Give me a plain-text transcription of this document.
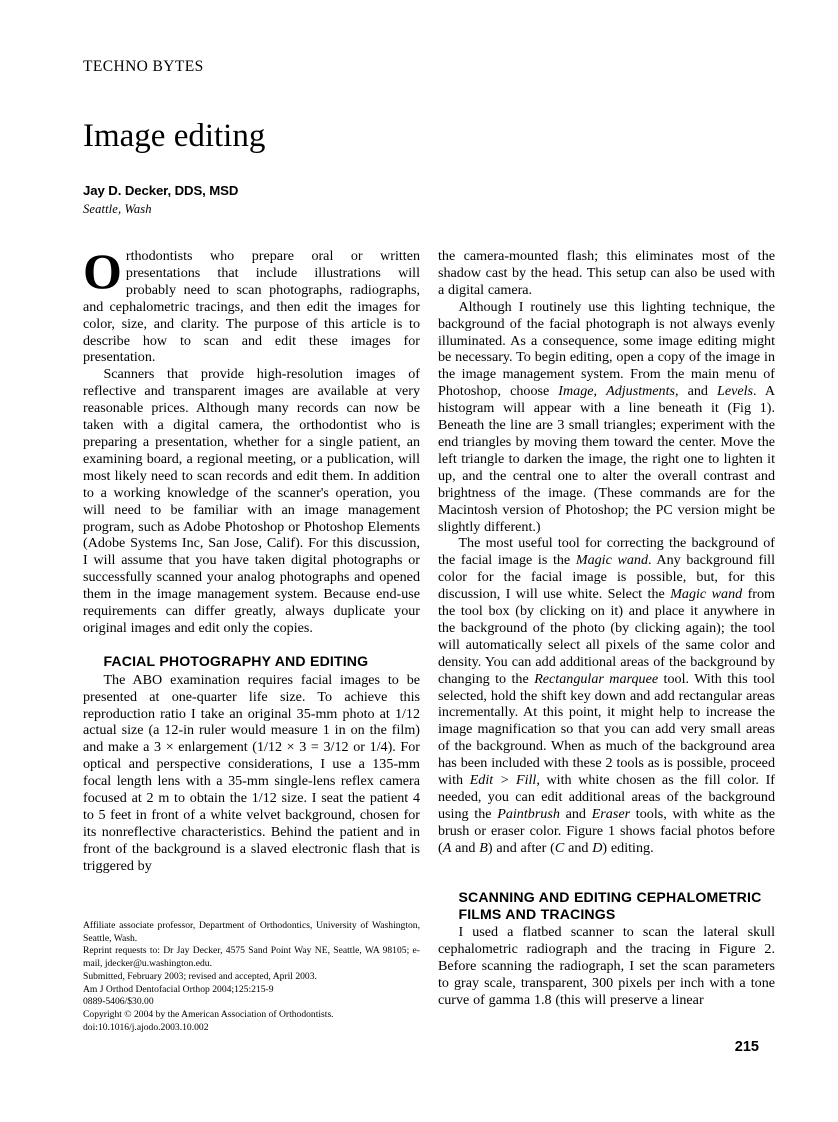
TECHNO BYTES
Image editing
Jay D. Decker, DDS, MSD
Seattle, Wash

Orthodontists who prepare oral or written presentations that include illustrations will probably need to scan photographs, radiographs, and cephalometric tracings, and then edit the images for color, size, and clarity. The purpose of this article is to describe how to scan and edit these images for presentation.

Scanners that provide high-resolution images of reflective and transparent images are available at very reasonable prices. Although many records can now be taken with a digital camera, the orthodontist who is preparing a presentation, whether for a single patient, an examining board, a regional meeting, or a publication, will most likely need to scan records and edit them. In addition to a working knowledge of the scanner's operation, you will need to be familiar with an image management program, such as Adobe Photoshop or Photoshop Elements (Adobe Systems Inc, San Jose, Calif). For this discussion, I will assume that you have taken digital photographs or successfully scanned your analog photographs and opened them in the image management system. Because end-use requirements can differ greatly, always duplicate your original images and edit only the copies.

FACIAL PHOTOGRAPHY AND EDITING

The ABO examination requires facial images to be presented at one-quarter life size. To achieve this reproduction ratio I take an original 35-mm photo at 1/12 actual size (a 12-in ruler would measure 1 in on the film) and make a 3 × enlargement (1/12 × 3 = 3/12 or 1/4). For optical and perspective considerations, I use a 135-mm focal length lens with a 35-mm single-lens reflex camera focused at 2 m to obtain the 1/12 size. I seat the patient 4 to 5 feet in front of a white velvet background, chosen for its nonreflective characteristics. Behind the patient and in front of the background is a slaved electronic flash that is triggered by

the camera-mounted flash; this eliminates most of the shadow cast by the head. This setup can also be used with a digital camera.

Although I routinely use this lighting technique, the background of the facial photograph is not always evenly illuminated. As a consequence, some image editing might be necessary. To begin editing, open a copy of the image in the image management system. From the main menu of Photoshop, choose Image, Adjustments, and Levels. A histogram will appear with a line beneath it (Fig 1). Beneath the line are 3 small triangles; experiment with the end triangles by moving them toward the center. Move the left triangle to darken the image, the right one to lighten it up, and the central one to alter the overall contrast and brightness of the image. (These commands are for the Macintosh version of Photoshop; the PC version might be slightly different.)

The most useful tool for correcting the background of the facial image is the Magic wand. Any background fill color for the facial image is possible, but, for this discussion, I will use white. Select the Magic wand from the tool box (by clicking on it) and place it anywhere in the background of the photo (by clicking again); the tool will automatically select all pixels of the same color and density. You can add additional areas of the background by changing to the Rectangular marquee tool. With this tool selected, hold the shift key down and add rectangular areas incrementally. At this point, it might help to increase the image magnification so that you can add very small areas of the background. When as much of the background area has been included with these 2 tools as is possible, proceed with Edit > Fill, with white chosen as the fill color. If needed, you can edit additional areas of the background using the Paintbrush and Eraser tools, with white as the brush or eraser color. Figure 1 shows facial photos before (A and B) and after (C and D) editing.

SCANNING AND EDITING CEPHALOMETRIC

FILMS AND TRACINGS

I used a flatbed scanner to scan the lateral skull cephalometric radiograph and the tracing in Figure 2. Before scanning the radiograph, I set the scan parameters to gray scale, transparent, 300 pixels per inch with a tone curve of gamma 1.8 (this will preserve a linear

Affiliate associate professor, Department of Orthodontics, University of Washington, Seattle, Wash.

Reprint requests to: Dr Jay Decker, 4575 Sand Point Way NE, Seattle, WA 98105; e-mail, jdecker@u.washington.edu.

Submitted, February 2003; revised and accepted, April 2003.

Am J Orthod Dentofacial Orthop 2004;125:215-9

0889-5406/$30.00

Copyright © 2004 by the American Association of Orthodontists.

doi:10.1016/j.ajodo.2003.10.002

215
